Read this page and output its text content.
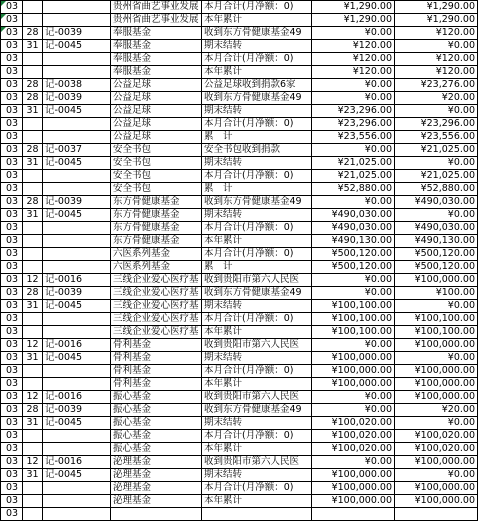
03			贵州省曲艺事业发展	本月合计(月净额：0)	¥1,290.00	¥1,290.00

03			贵州省曲艺事业发展	本年累计	¥1,290.00	¥1,290.00

03	28	记-0039	奉服基金	收到东方骨健康基金49	¥0.00	¥120.00
03	31	记-0045	奉服基金	期末结转	¥120.00	¥0.00
03			奉服基金	本月合计(月净额：0)	¥120.00	¥120.00
03			奉服基金	本年累计	¥120.00	¥120.00
03	28	记-0038	公益足球	公益足球收到捐款6家	¥0.00	¥23,276.00
03	28	记-0039	公益足球	收到东方骨健康基金49	¥0.00	¥20.00
03	31	记-0045	公益足球	期末结转	¥23,296.00	¥0.00
03			公益足球	本月合计(月净额：0)	¥23,296.00	¥23,296.00
03			公益足球	累　计	¥23,556.00	¥23,556.00
03	28	记-0037	安全书包	安全书包收到捐款	¥0.00	¥21,025.00
03	31	记-0045	安全书包	期末结转	¥21,025.00	¥0.00
03			安全书包	本月合计(月净额：0)	¥21,025.00	¥21,025.00
03			安全书包	累　计	¥52,880.00	¥52,880.00
03	28	记-0039	东方骨健康基金	收到东方骨健康基金49	¥0.00	¥490,030.00
03	31	记-0045	东方骨健康基金	期末结转	¥490,030.00	¥0.00
03			东方骨健康基金	本月合计(月净额：0)	¥490,030.00	¥490,030.00
03			东方骨健康基金	本年累计	¥490,130.00	¥490,130.00
03			六医系列基金	本月合计(月净额：0)	¥500,120.00	¥500,120.00
03			六医系列基金	累　计	¥500,120.00	¥500,120.00
03	12	记-0016	三线企业爱心医疗基	收到贵阳市第六人民医	¥0.00	¥100,000.00
03	28	记-0039	三线企业爱心医疗基	收到东方骨健康基金49	¥0.00	¥100.00
03	31	记-0045	三线企业爱心医疗基	期末结转	¥100,100.00	¥0.00
03			三线企业爱心医疗基	本月合计(月净额：0)	¥100,100.00	¥100,100.00
03			三线企业爱心医疗基	本年累计	¥100,100.00	¥100,100.00
03	12	记-0016	骨利基金	收到贵阳市第六人民医	¥0.00	¥100,000.00
03	31	记-0045	骨利基金	期末结转	¥100,000.00	¥0.00
03			骨利基金	本月合计(月净额：0)	¥100,000.00	¥100,000.00
03			骨利基金	本年累计	¥100,000.00	¥100,000.00
03	12	记-0016	振心基金	收到贵阳市第六人民医	¥0.00	¥100,000.00
03	28	记-0039	振心基金	收到东方骨健康基金49	¥0.00	¥20.00
03	31	记-0045	振心基金	期末结转	¥100,020.00	¥0.00
03			振心基金	本月合计(月净额：0)	¥100,020.00	¥100,020.00
03			振心基金	本年累计	¥100,020.00	¥100,020.00
03	12	记-0016	泌理基金	收到贵阳市第六人民医	¥0.00	¥100,000.00
03	31	记-0045	泌理基金	期末结转	¥100,000.00	¥0.00
03			泌理基金	本月合计(月净额：0)	¥100,000.00	¥100,000.00
03			泌理基金	本年累计	¥100,000.00	¥100,000.00
03						
